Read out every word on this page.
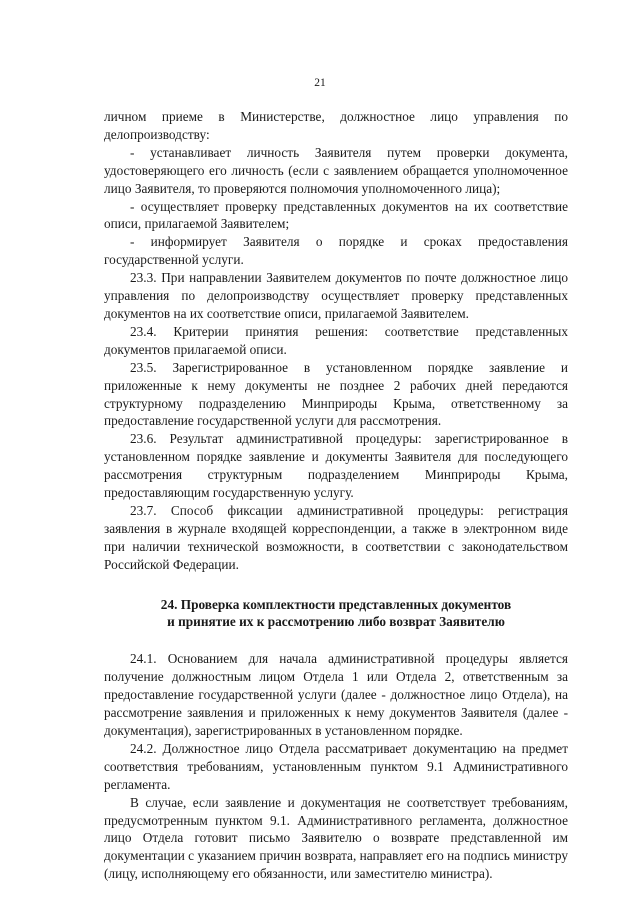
21

личном приеме в Министерстве, должностное лицо управления по делопроизводству:

- устанавливает личность Заявителя путем проверки документа, удостоверяющего его личность (если с заявлением обращается уполномоченное лицо Заявителя, то проверяются полномочия уполномоченного лица);

- осуществляет проверку представленных документов на их соответствие описи, прилагаемой Заявителем;

- информирует Заявителя о порядке и сроках предоставления государственной услуги.

23.3. При направлении Заявителем документов по почте должностное лицо управления по делопроизводству осуществляет проверку представленных документов на их соответствие описи, прилагаемой Заявителем.

23.4. Критерии принятия решения: соответствие представленных документов прилагаемой описи.

23.5. Зарегистрированное в установленном порядке заявление и приложенные к нему документы не позднее 2 рабочих дней передаются структурному подразделению Минприроды Крыма, ответственному за предоставление государственной услуги для рассмотрения.

23.6. Результат административной процедуры: зарегистрированное в установленном порядке заявление и документы Заявителя для последующего рассмотрения структурным подразделением Минприроды Крыма, предоставляющим государственную услугу.

23.7. Способ фиксации административной процедуры: регистрация заявления в журнале входящей корреспонденции, а также в электронном виде при наличии технической возможности, в соответствии с законодательством Российской Федерации.

24. Проверка комплектности представленных документов
и принятие их к рассмотрению либо возврат Заявителю

24.1. Основанием для начала административной процедуры является получение должностным лицом Отдела 1 или Отдела 2, ответственным за предоставление государственной услуги (далее - должностное лицо Отдела), на рассмотрение заявления и приложенных к нему документов Заявителя (далее - документация), зарегистрированных в установленном порядке.

24.2. Должностное лицо Отдела рассматривает документацию на предмет соответствия требованиям, установленным пунктом 9.1 Административного регламента.

В случае, если заявление и документация не соответствует требованиям, предусмотренным пунктом 9.1. Административного регламента, должностное лицо Отдела готовит письмо Заявителю о возврате представленной им документации с указанием причин возврата, направляет его на подпись министру (лицу, исполняющему его обязанности, или заместителю министра).
